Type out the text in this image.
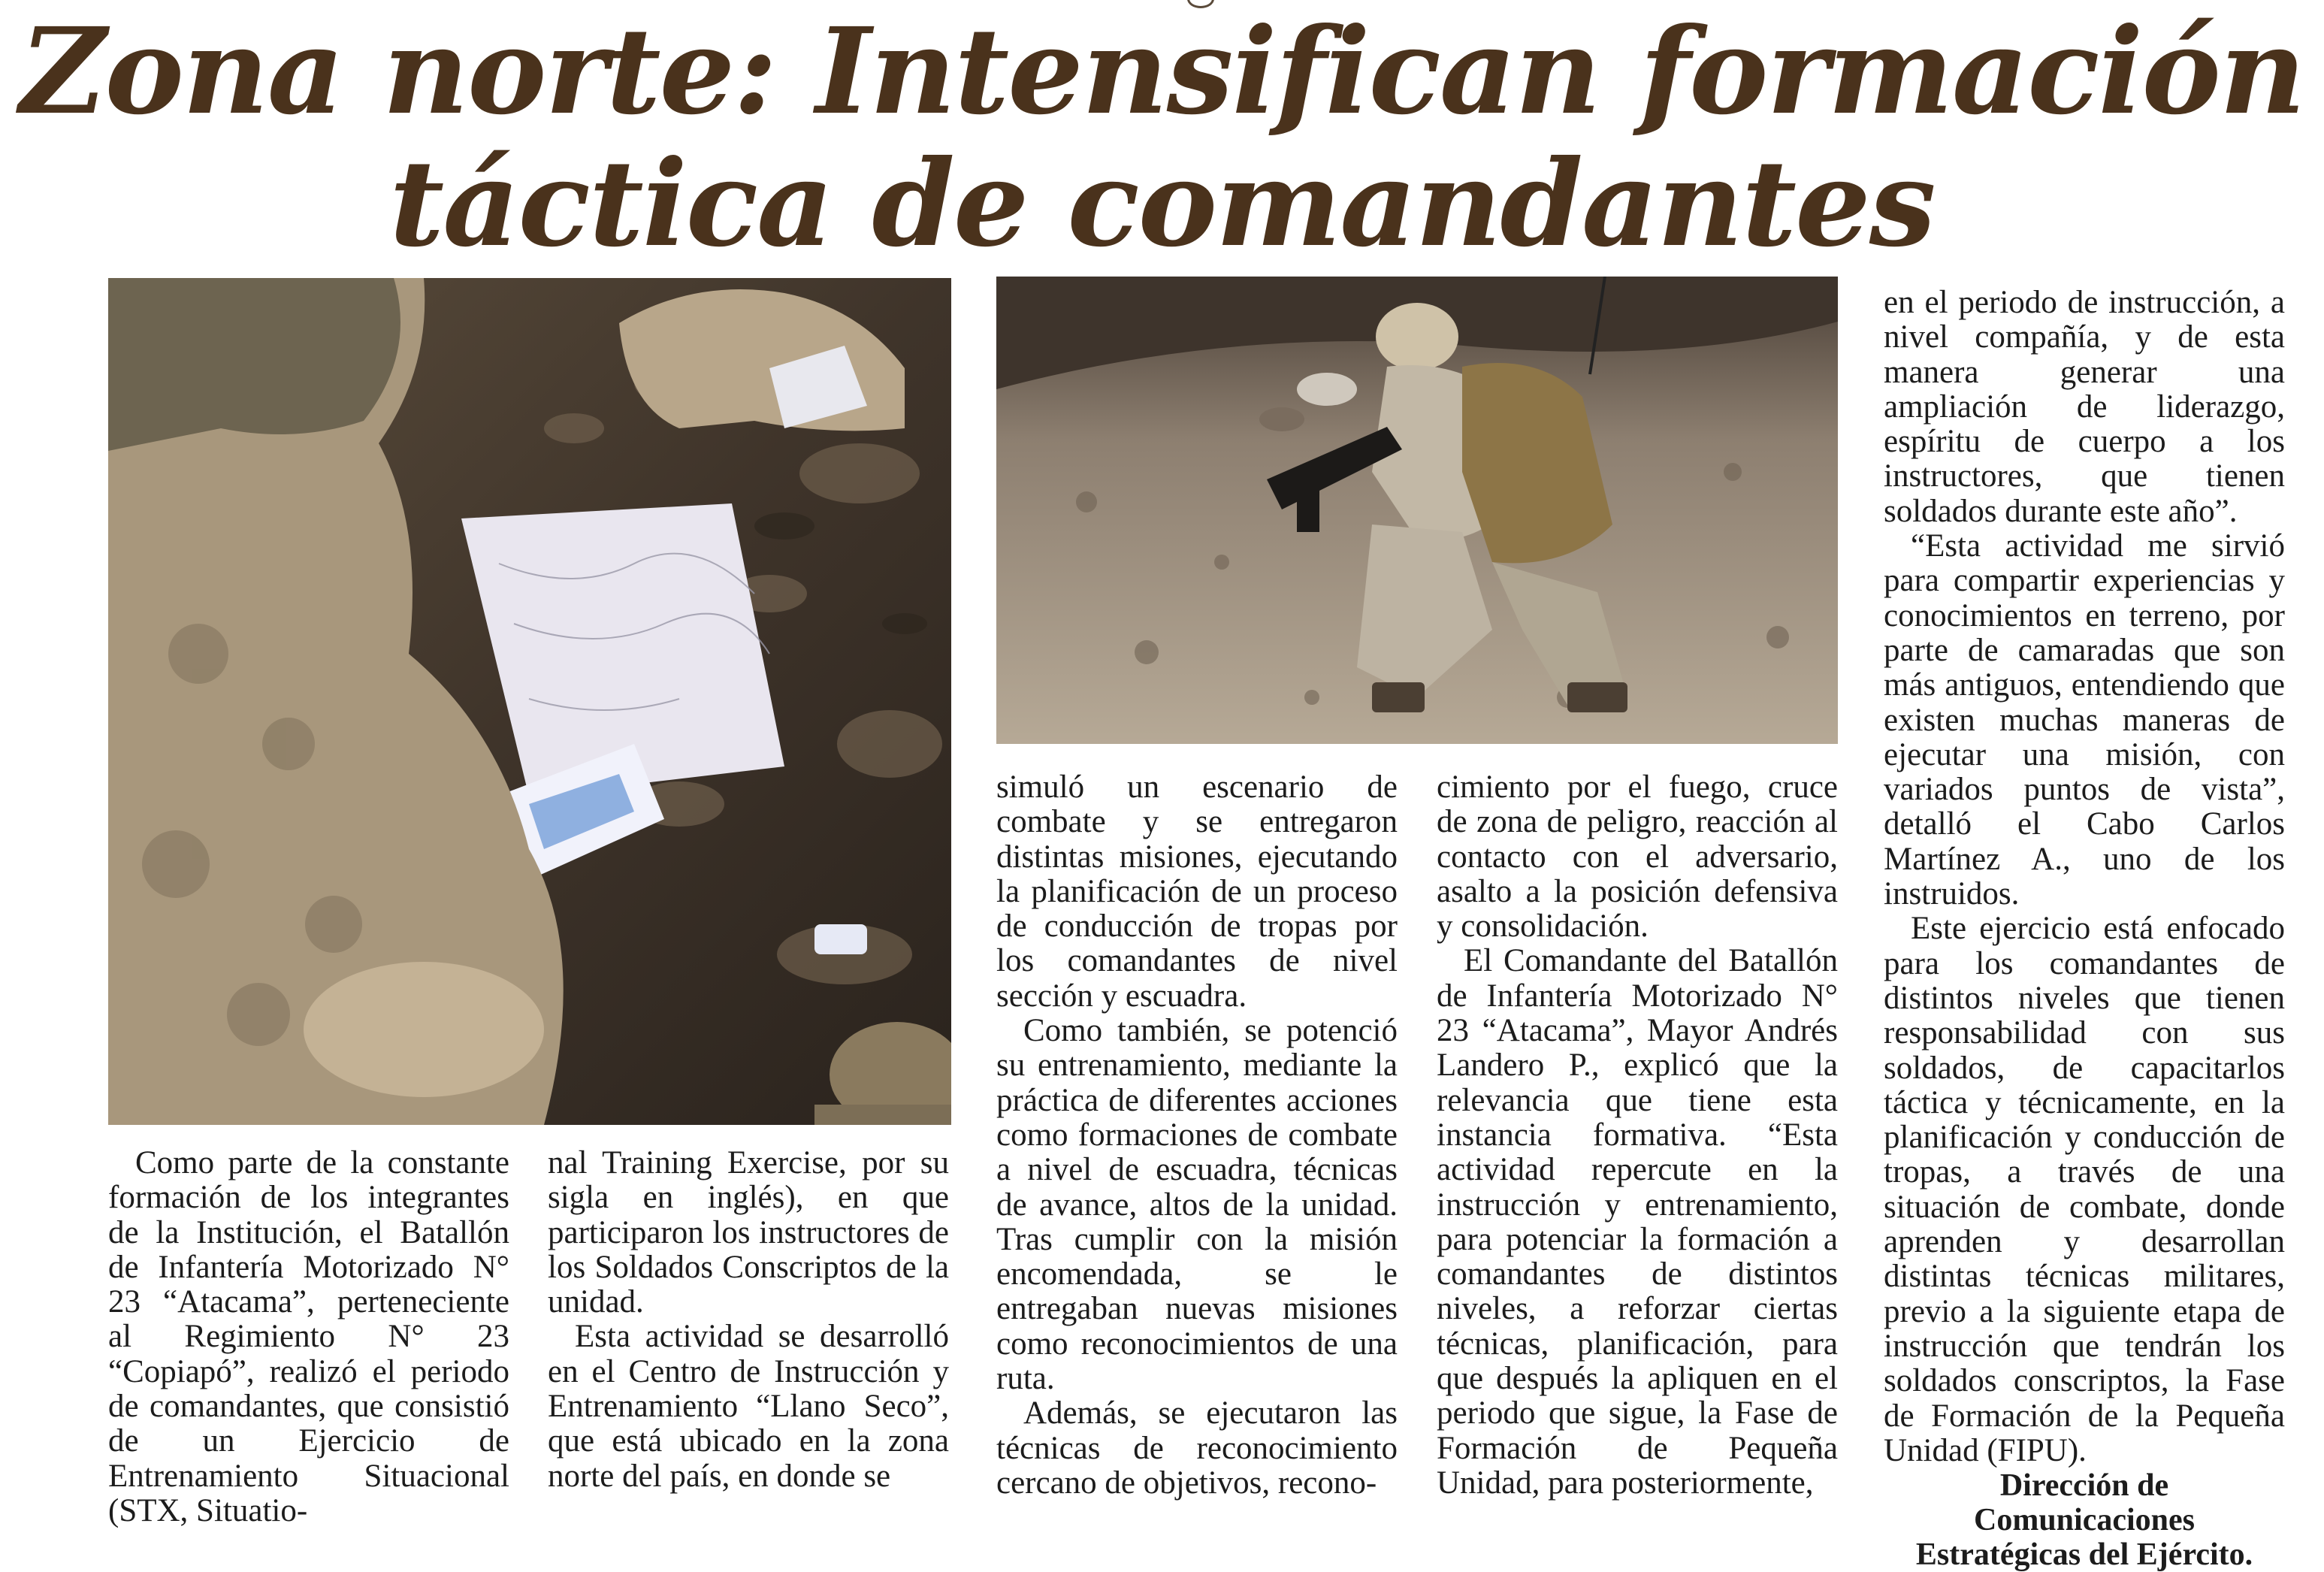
Zona norte: Intensifican formación
táctica de comandantes

Como parte de la constante formación de los integrantes de la Institución, el Batallón de Infantería Motorizado N° 23 “Atacama”, perteneciente al Regimiento N° 23 “Copiapó”, realizó el periodo de comandantes, que consistió de un Ejercicio de Entrenamiento Situacional (STX, Situatio-

nal Training Exercise, por su sigla en inglés), en que participaron los instructores de los Soldados Conscriptos de la unidad.

Esta actividad se desarrolló en el Centro de Instrucción y Entrenamiento “Llano Seco”, que está ubicado en la zona norte del país, en donde se

simuló un escenario de combate y se entregaron distintas misiones, ejecutando la planificación de un proceso de conducción de tropas por los comandantes de nivel sección y escuadra.

Como también, se potenció su entrenamiento, mediante la práctica de diferentes acciones como formaciones de combate a nivel de escuadra, técnicas de avance, altos de la unidad. Tras cumplir con la misión encomendada, se le entregaban nuevas misiones como reconocimientos de una ruta.

Además, se ejecutaron las técnicas de reconocimiento cercano de objetivos, recono-

cimiento por el fuego, cruce de zona de peligro, reacción al contacto con el adversario, asalto a la posición defensiva y consolidación.

El Comandante del Batallón de Infantería Motorizado N° 23 “Atacama”, Mayor Andrés Landero P., explicó que la relevancia que tiene esta instancia formativa. “Esta actividad repercute en la instrucción y entrenamiento, para potenciar la formación a comandantes de distintos niveles, a reforzar ciertas técnicas, planificación, para que después la apliquen en el periodo que sigue, la Fase de Formación de Pequeña Unidad, para posteriormente,

en el periodo de instrucción, a nivel compañía, y de esta manera generar una ampliación de liderazgo, espíritu de cuerpo a los instructores, que tienen soldados durante este año”.

“Esta actividad me sirvió para compartir experiencias y conocimientos en terreno, por parte de camaradas que son más antiguos, entendiendo que existen muchas maneras de ejecutar una misión, con variados puntos de vista”, detalló el Cabo Carlos Martínez A., uno de los instruidos.

Este ejercicio está enfocado para los comandantes de distintos niveles que tienen responsabilidad con sus soldados, de capacitarlos táctica y técnicamente, en la planificación y conducción de tropas, a través de una situación de combate, donde aprenden y desarrollan distintas técnicas militares, previo a la siguiente etapa de instrucción que tendrán los soldados conscriptos, la Fase de Formación de la Pequeña Unidad (FIPU).

Dirección de
Comunicaciones
Estratégicas del Ejército.
